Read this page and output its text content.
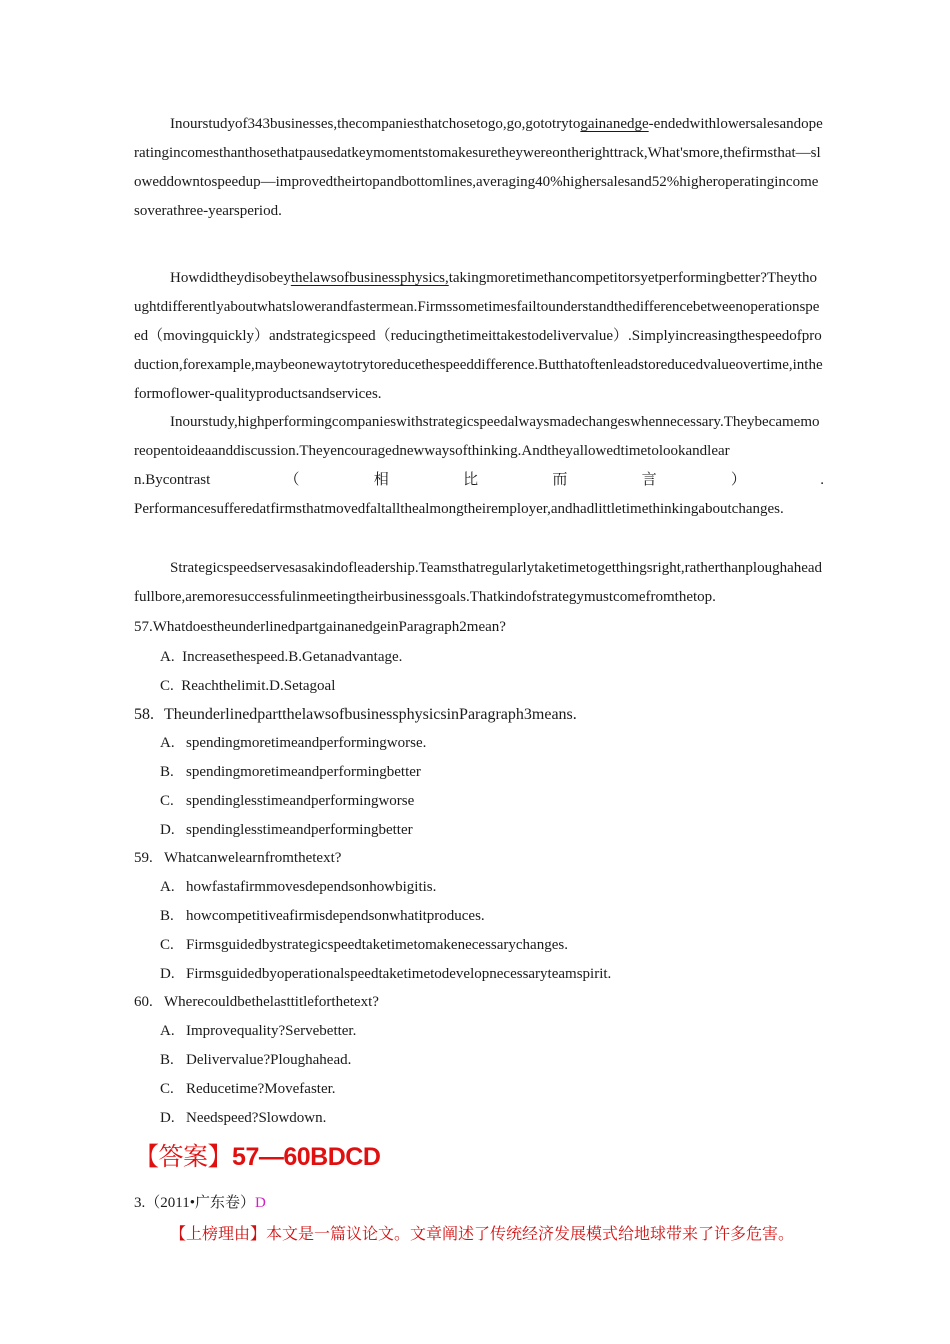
Inourstudyof343businesses,thecompaniesthatchosetogo,go,gototrytogainanedge-endedwithlowersalesandoperatingincomesthanthosethatpausedatkeymomentstomakesuretheywereontherighttrack,What'smore,thefirmsthat—sloweddowntospeedup—improvedtheirtopandbottomlines,averaging40%highersalesand52%higheroperatingincomesoverathree-yearsperiod.
Howdidtheydisobeythelawsofbusinessphysics,takingmoretimethancompetitorsyetperformingbetter?Theythoughtdifferentlyaboutwhatslowerandfastermean.Firmssometimesfailtounderstandthedifferencebetweenoperationspeed（movingquickly）andstrategicspeed（reducingthetimeittakestodelivervalue）.Simplyincreasingthespeedofproduction,forexample,maybeonewaytotrytoreducethespeeddifference.Butthatoftenleadstoreducedvalueovertime,intheformoflower-qualityproductsandservices.
Inourstudy,highperformingcompanieswithstrategicspeedalwaysmadechangeswhennecessary.Theybecamemoreopentoideaanddiscussion.Theyencouragednewwaysofthinking.Andtheyallowedtimetolookandlear
n.Bycontrast	（	相	比	而	言	）	.
Performancesufferedatfirmsthatmovedfaltallthealmongtheiremployer,andhadlittletimethinkingaboutchanges.
Strategicspeedservesasakindofleadership.Teamsthatregularlytaketimetogetthingsright,ratherthanploughaheadfullbore,aremoresuccessfulinmeetingtheirbusinessgoals.Thatkindofstrategymustcomefromthetop.
57.WhatdoestheunderlinedpartgainanedgeinParagraph2mean?
A.  Increasethespeed.B.Getanadvantage.
C.  Reachthelimit.D.Setagoal
58. TheunderlinedpartthelawsofbusinessphysicsinParagraph3means.
A. spendingmoretimeandperformingworse.
B. spendingmoretimeandperformingbetter
C. spendinglesstimeandperformingworse
D. spendinglesstimeandperformingbetter
59. Whatcanwelearnfromthetext?
A. howfastafirmmovesdependsonhowbigitis.
B. howcompetitiveafirmisdependsonwhatitproduces.
C. Firmsguidedbystrategicspeedtaketimetomakenecessarychanges.
D. Firmsguidedbyoperationalspeedtaketimetodevelopnecessaryteamspirit.
60. Wherecouldbethelasttitleforthetext?
A. Improvequality?Servebetter.
B. Delivervalue?Ploughahead.
C. Reducetime?Movefaster.
D. Needspeed?Slowdown.
【答案】57—60BDCD
3.（2011•广东卷）D
【上榜理由】本文是一篇议论文。文章阐述了传统经济发展模式给地球带来了许多危害。
